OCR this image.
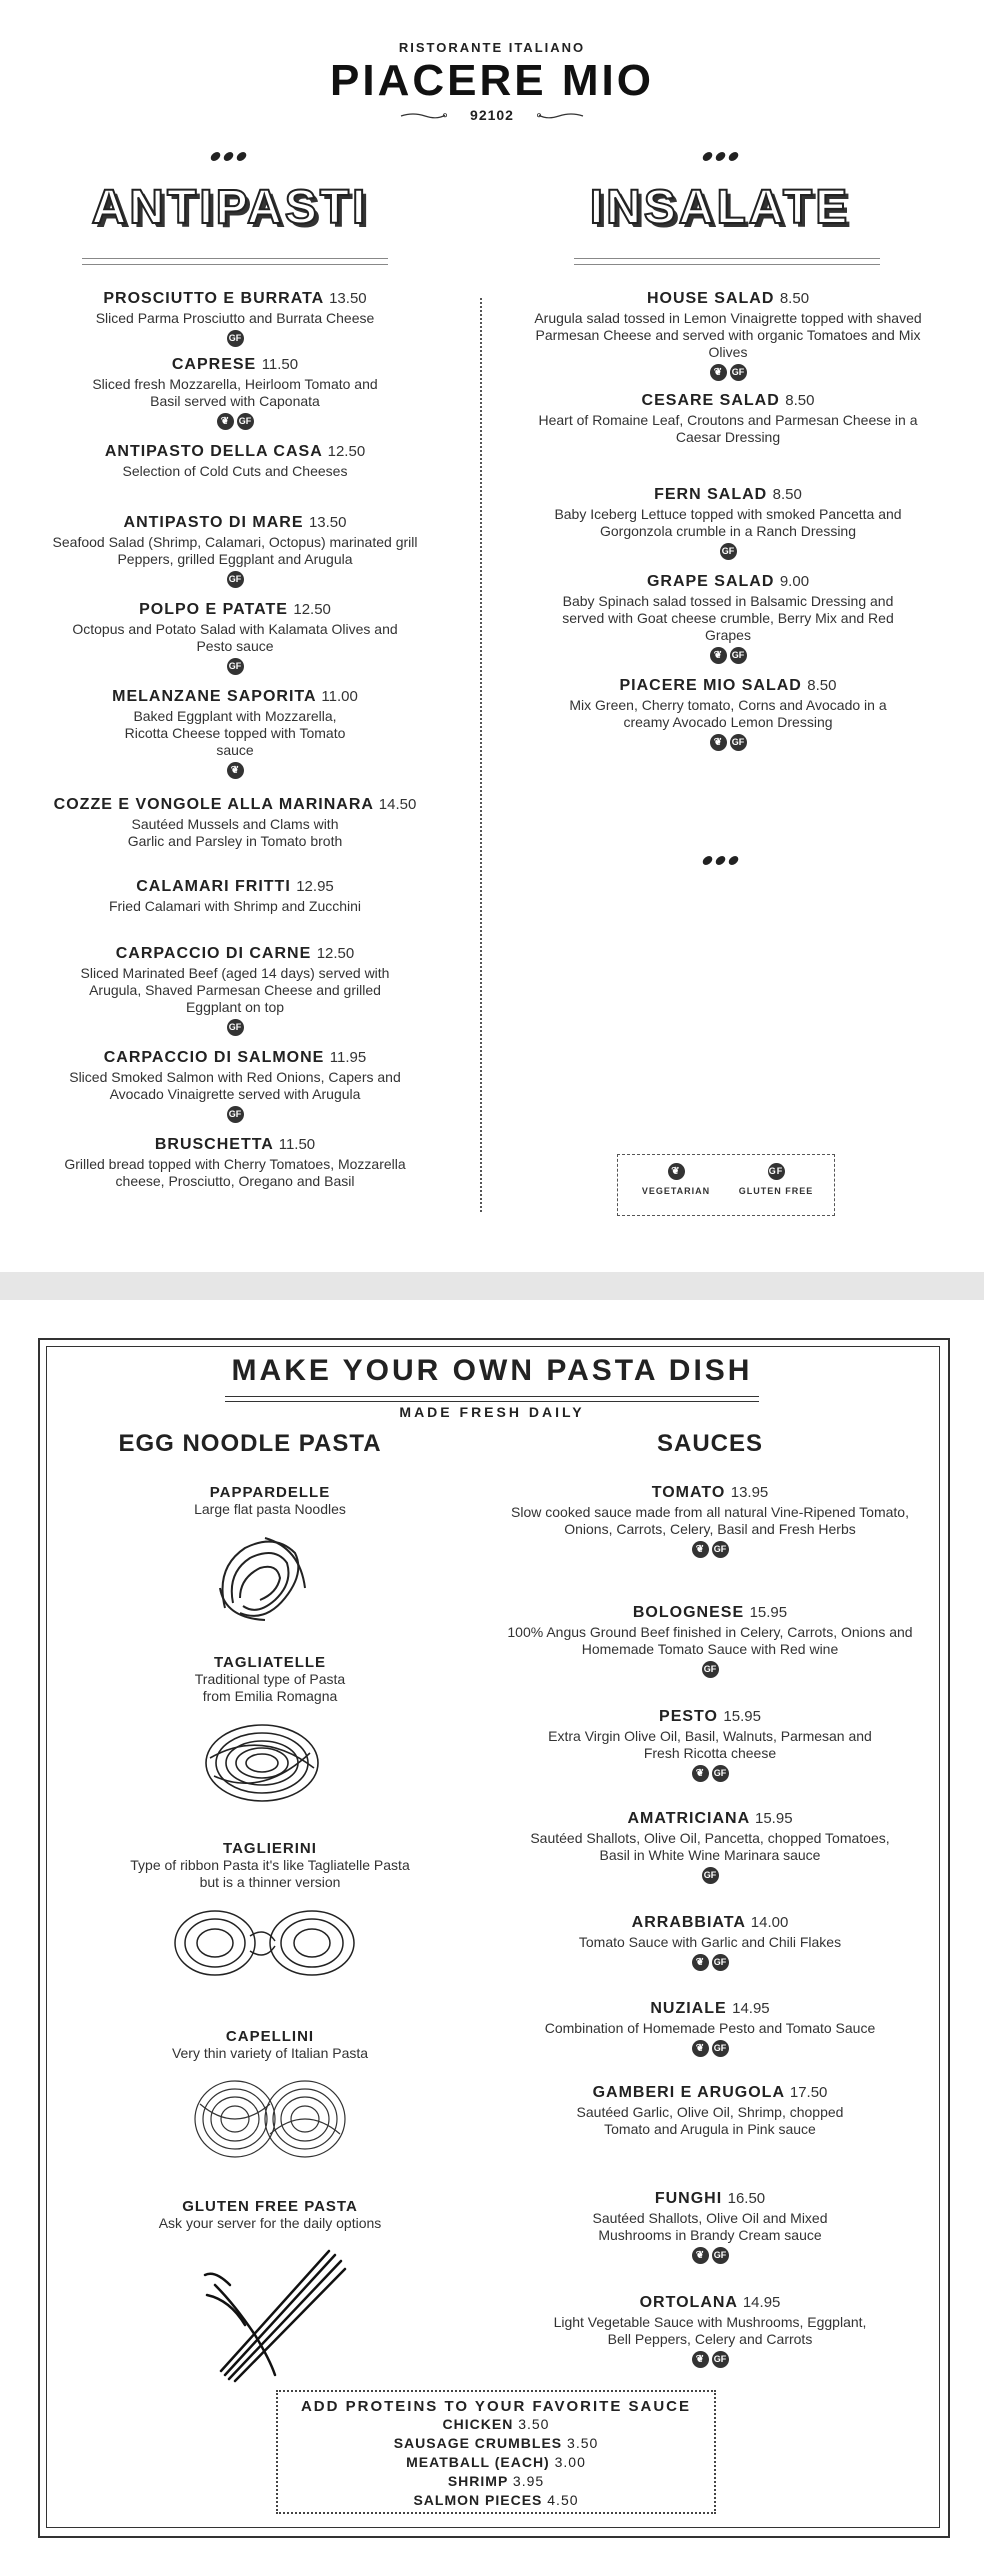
RISTORANTE ITALIANO
PIACERE MIO
92102
ANTIPASTI	INSALATE
PROSCIUTTO E BURRATA 13.50
Sliced Parma Prosciutto and Burrata Cheese
GF
CAPRESE 11.50
Sliced fresh Mozzarella, Heirloom Tomato and Basil served with Caponata
❦
GF
ANTIPASTO DELLA CASA 12.50
Selection of Cold Cuts and Cheeses
ANTIPASTO DI MARE 13.50
Seafood Salad (Shrimp, Calamari, Octopus) marinated grill Peppers, grilled Eggplant and Arugula
GF
POLPO E PATATE 12.50
Octopus and Potato Salad with Kalamata Olives and Pesto sauce
GF
MELANZANE SAPORITA 11.00
Baked Eggplant with Mozzarella, Ricotta Cheese topped with Tomato sauce
❦
COZZE E VONGOLE ALLA MARINARA 14.50
Sautéed Mussels and Clams with Garlic and Parsley in Tomato broth
CALAMARI FRITTI 12.95
Fried Calamari with Shrimp and Zucchini
CARPACCIO DI CARNE 12.50
Sliced Marinated Beef (aged 14 days) served with Arugula, Shaved Parmesan Cheese and grilled Eggplant on top
GF
CARPACCIO DI SALMONE 11.95
Sliced Smoked Salmon with Red Onions, Capers and Avocado Vinaigrette served with Arugula
GF
BRUSCHETTA 11.50
Grilled bread topped with Cherry Tomatoes, Mozzarella cheese, Prosciutto, Oregano and Basil
HOUSE SALAD 8.50
Arugula salad tossed in Lemon Vinaigrette topped with shaved Parmesan Cheese and served with organic Tomatoes and Mix Olives
❦
GF
CESARE SALAD 8.50
Heart of Romaine Leaf, Croutons and Parmesan Cheese in a Caesar Dressing
FERN SALAD 8.50
Baby Iceberg Lettuce topped with smoked Pancetta and Gorgonzola crumble in a Ranch Dressing
GF
GRAPE SALAD 9.00
Baby Spinach salad tossed in Balsamic Dressing and served with Goat cheese crumble, Berry Mix and Red Grapes
❦
GF
PIACERE MIO SALAD 8.50
Mix Green, Cherry tomato, Corns and Avocado in a creamy Avocado Lemon Dressing
❦
GF
❦
VEGETARIAN
GF
GLUTEN FREE
MAKE YOUR OWN PASTA DISH
MADE FRESH DAILY
EGG NOODLE PASTA	SAUCES
PAPPARDELLE
Large flat pasta Noodles
TAGLIATELLE
Traditional type of Pasta from Emilia Romagna
TAGLIERINI
Type of ribbon Pasta it's like Tagliatelle Pasta but is a thinner version
CAPELLINI
Very thin variety of Italian Pasta
GLUTEN FREE PASTA
Ask your server for the daily options
TOMATO 13.95
Slow cooked sauce made from all natural Vine-Ripened Tomato, Onions, Carrots, Celery, Basil and Fresh Herbs
❦
GF
BOLOGNESE 15.95
100% Angus Ground Beef finished in Celery, Carrots, Onions and Homemade Tomato Sauce with Red wine
GF
PESTO 15.95
Extra Virgin Olive Oil, Basil, Walnuts, Parmesan and Fresh Ricotta cheese
❦
GF
AMATRICIANA 15.95
Sautéed Shallots, Olive Oil, Pancetta, chopped Tomatoes, Basil in White Wine Marinara sauce
GF
ARRABBIATA 14.00
Tomato Sauce with Garlic and Chili Flakes
❦
GF
NUZIALE 14.95
Combination of Homemade Pesto and Tomato Sauce
❦
GF
GAMBERI E ARUGOLA 17.50
Sautéed Garlic, Olive Oil, Shrimp, chopped Tomato and Arugula in Pink sauce
FUNGHI 16.50
Sautéed Shallots, Olive Oil and Mixed Mushrooms in Brandy Cream sauce
❦
GF
ORTOLANA 14.95
Light Vegetable Sauce with Mushrooms, Eggplant, Bell Peppers, Celery and Carrots
❦
GF
ADD PROTEINS TO YOUR FAVORITE SAUCE
CHICKEN 3.50
SAUSAGE CRUMBLES 3.50
MEATBALL (EACH) 3.00
SHRIMP 3.95
SALMON PIECES 4.50
